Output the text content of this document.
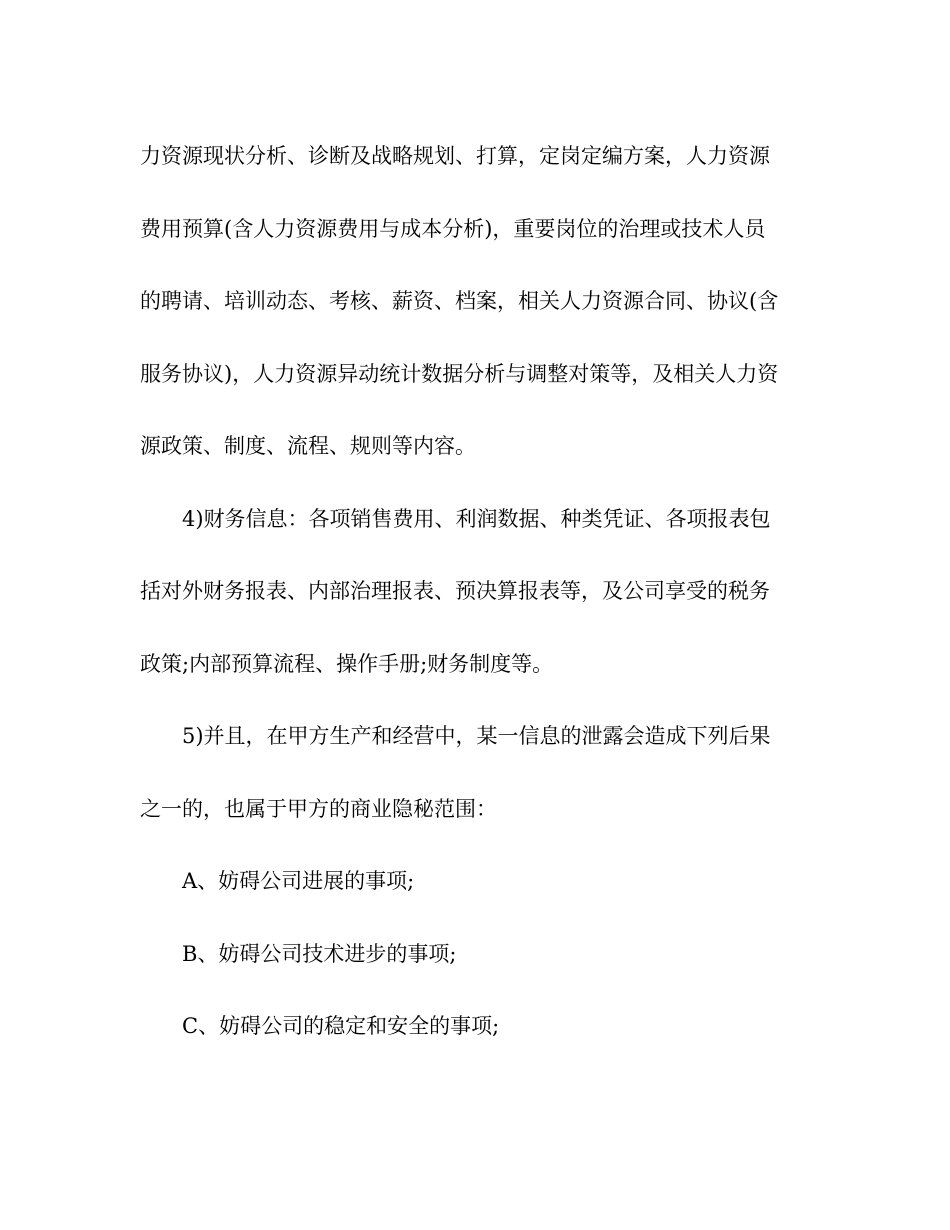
力资源现状分析、诊断及战略规划、打算，定岗定编方案，人力资源

费用预算(含人力资源费用与成本分析)，重要岗位的治理或技术人员

的聘请、培训动态、考核、薪资、档案，相关人力资源合同、协议(含

服务协议)，人力资源异动统计数据分析与调整对策等，及相关人力资

源政策、制度、流程、规则等内容。

4)财务信息：各项销售费用、利润数据、种类凭证、各项报表包

括对外财务报表、内部治理报表、预决算报表等，及公司享受的税务

政策;内部预算流程、操作手册;财务制度等。

5)并且，在甲方生产和经营中，某一信息的泄露会造成下列后果

之一的，也属于甲方的商业隐秘范围：

A、妨碍公司进展的事项;

B、妨碍公司技术进步的事项;

C、妨碍公司的稳定和安全的事项;
